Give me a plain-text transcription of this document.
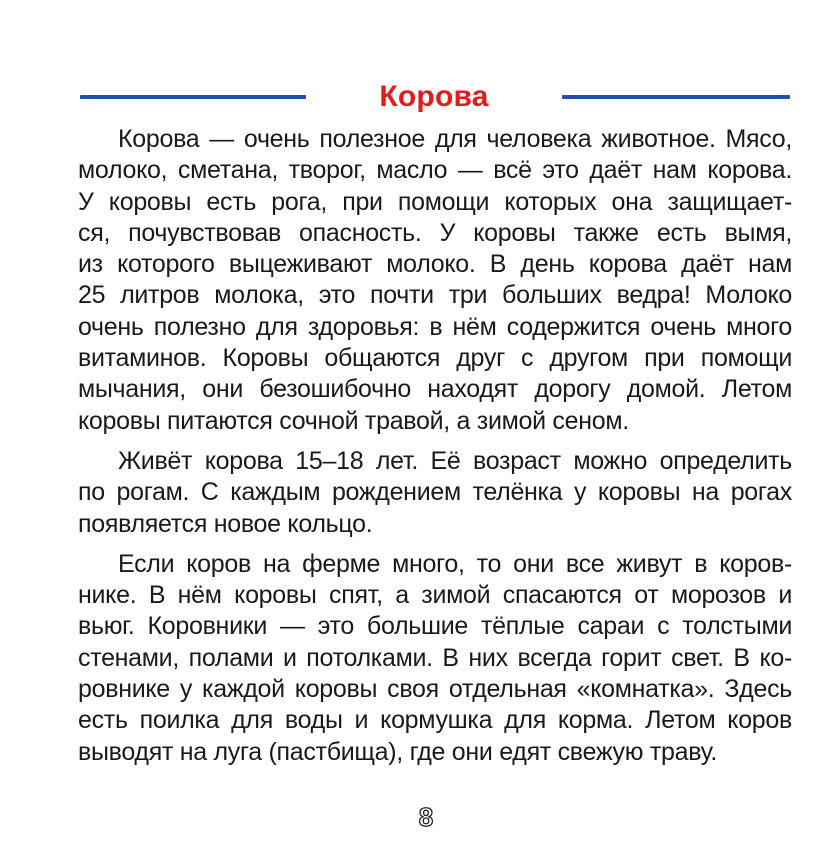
Корова
Корова — очень полезное для человека животное. Мясо,
молоко, сметана, творог, масло — всё это даёт нам корова.
У коровы есть рога, при помощи которых она защищает-
ся, почувствовав опасность. У коровы также есть вымя,
из которого выцеживают молоко. В день корова даёт нам
25 литров молока, это почти три больших ведра! Молоко
очень полезно для здоровья: в нём содержится очень много
витаминов. Коровы общаются друг с другом при помощи
мычания, они безошибочно находят дорогу домой. Летом
коровы питаются сочной травой, а зимой сеном.
Живёт корова 15–18 лет. Её возраст можно определить
по рогам. С каждым рождением телёнка у коровы на рогах
появляется новое кольцо.
Если коров на ферме много, то они все живут в коров-
нике. В нём коровы спят, а зимой спасаются от морозов и
вьюг. Коровники — это большие тёплые сараи с толстыми
стенами, полами и потолками. В них всегда горит свет. В ко-
ровнике у каждой коровы своя отдельная «комнатка». Здесь
есть поилка для воды и кормушка для корма. Летом коров
выводят на луга (пастбища), где они едят свежую траву.
8
